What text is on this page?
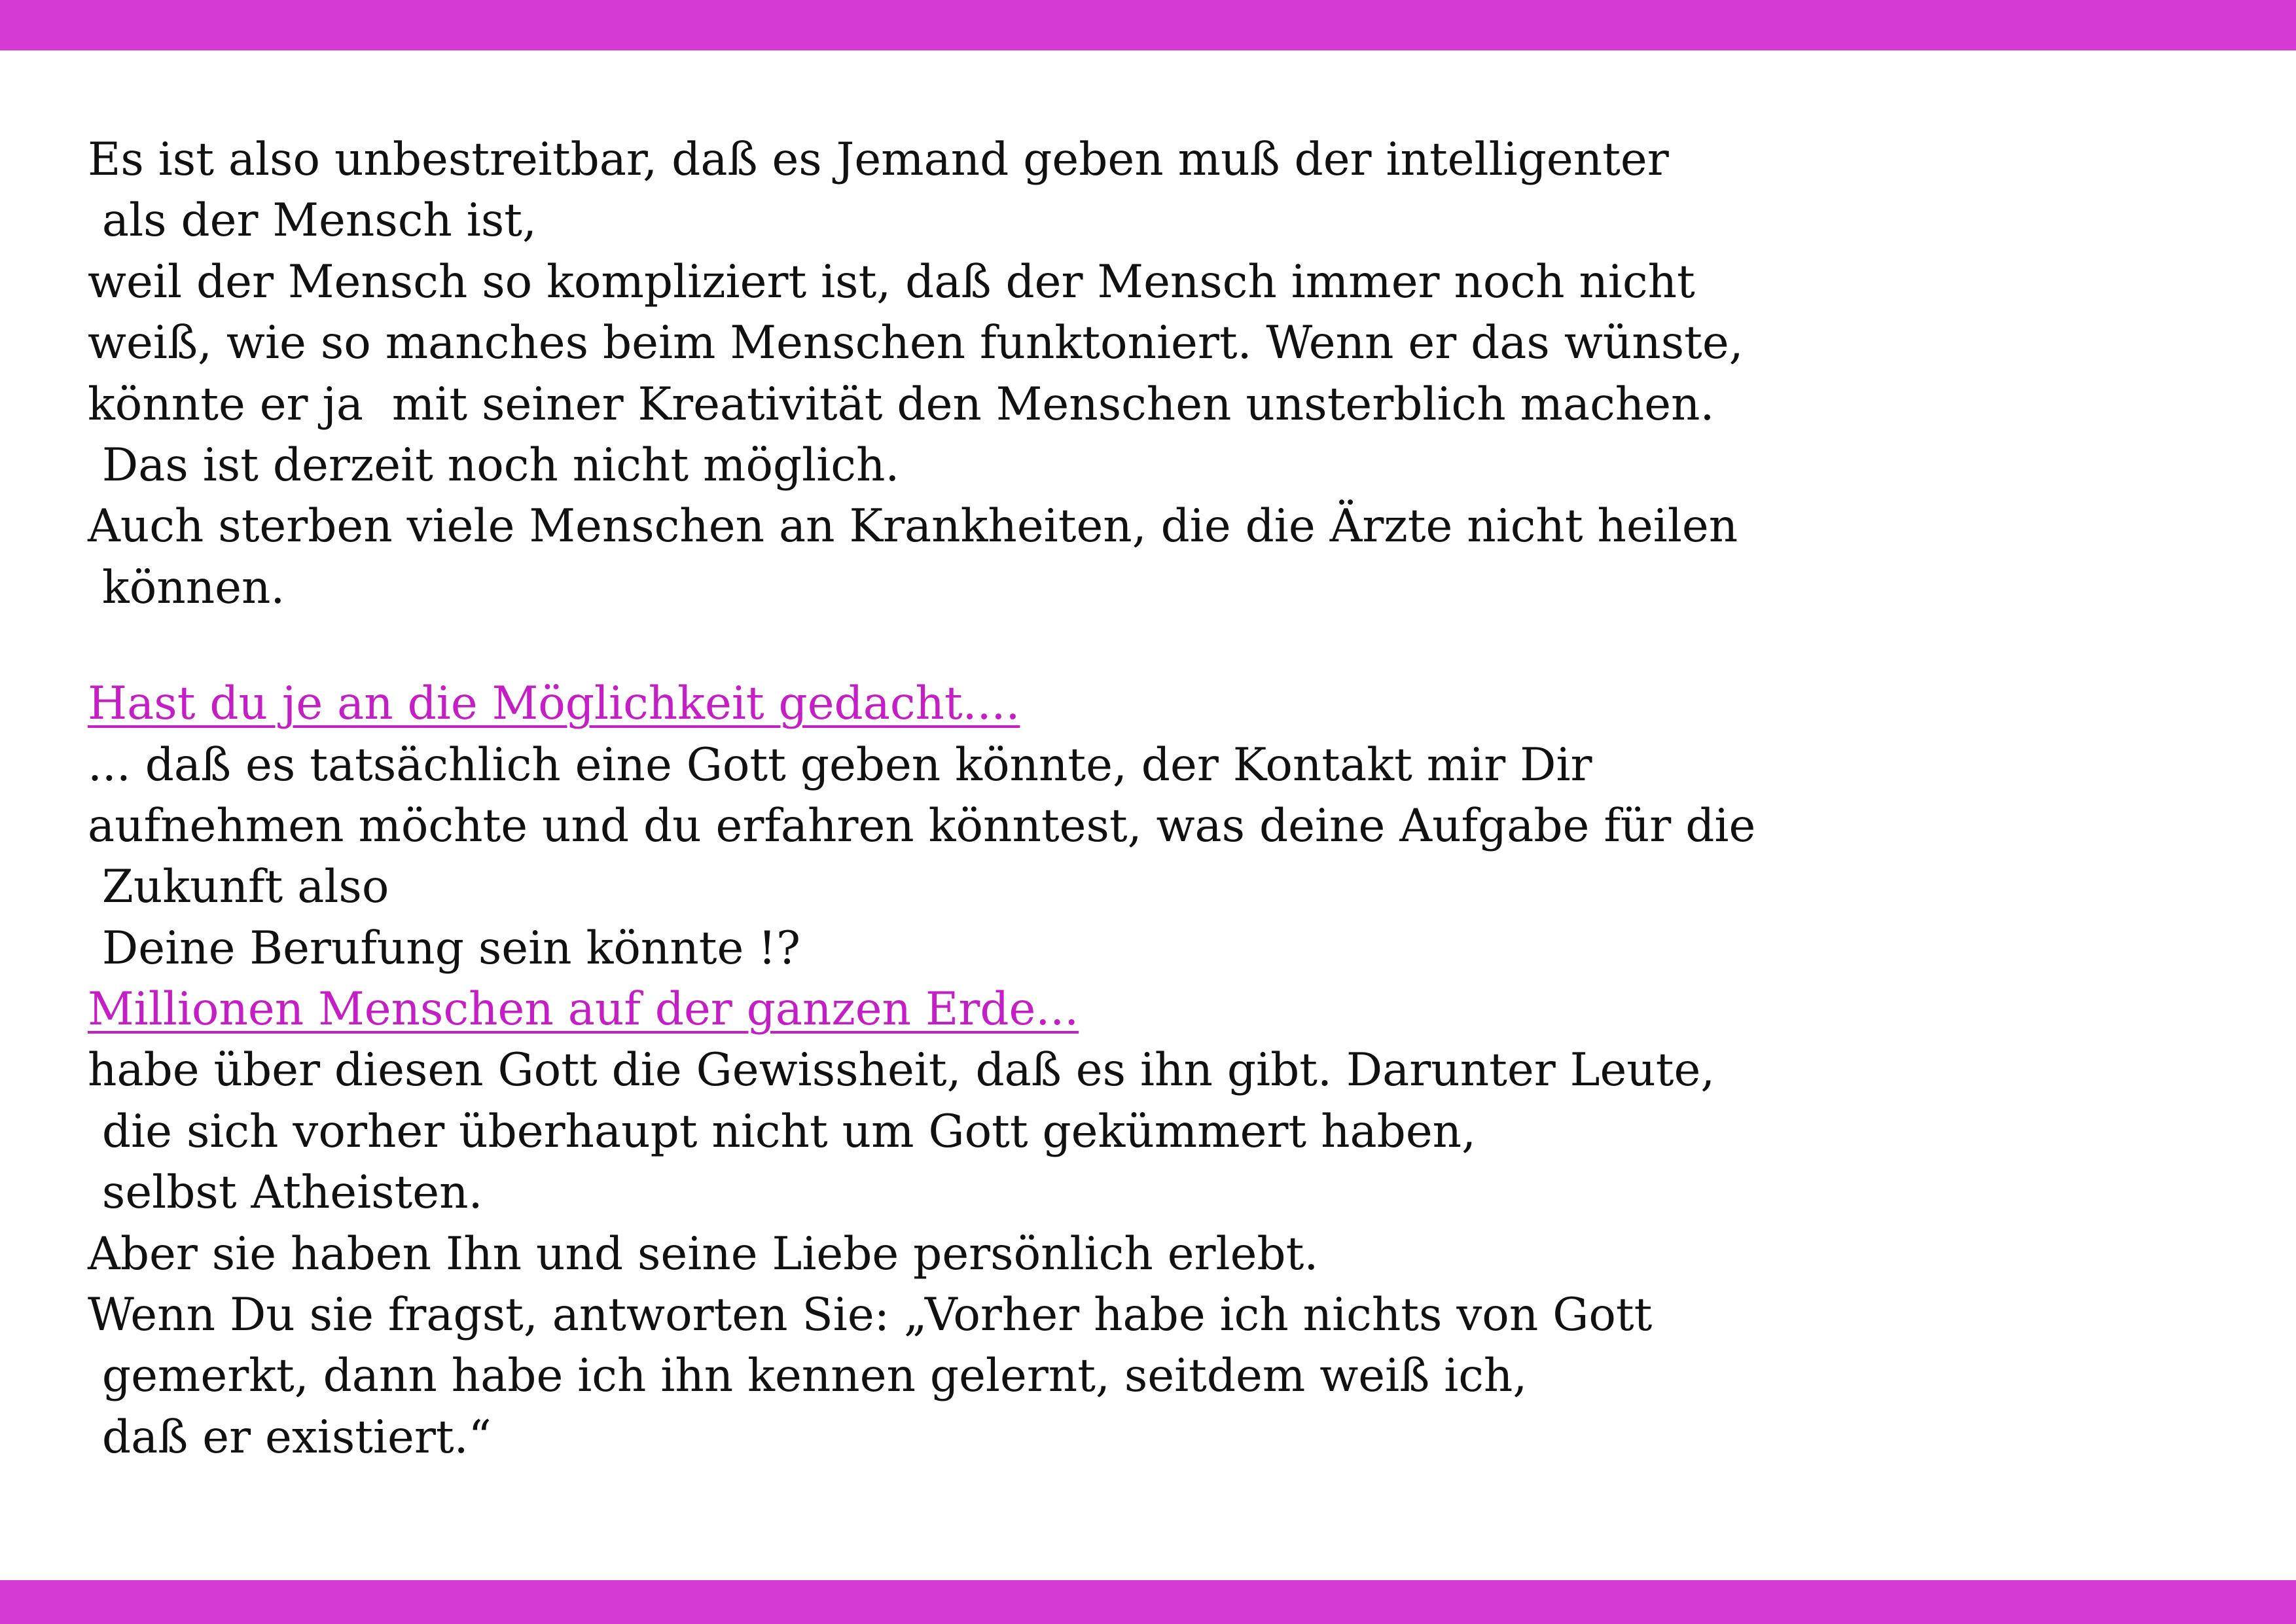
Es ist also unbestreitbar, daß es Jemand geben muß der intelligenter
als der Mensch ist,
weil der Mensch so kompliziert ist, daß der Mensch immer noch nicht
weiß, wie so manches beim Menschen funktoniert. Wenn er das wünste,
könnte er ja  mit seiner Kreativität den Menschen unsterblich machen.
Das ist derzeit noch nicht möglich.
Auch sterben viele Menschen an Krankheiten, die die Ärzte nicht heilen
können.
Hast du je an die Möglichkeit gedacht....
... daß es tatsächlich eine Gott geben könnte, der Kontakt mir Dir
aufnehmen möchte und du erfahren könntest, was deine Aufgabe für die
Zukunft also
Deine Berufung sein könnte !?
Millionen Menschen auf der ganzen Erde...
habe über diesen Gott die Gewissheit, daß es ihn gibt. Darunter Leute,
die sich vorher überhaupt nicht um Gott gekümmert haben,
selbst Atheisten.
Aber sie haben Ihn und seine Liebe persönlich erlebt.
Wenn Du sie fragst, antworten Sie: „Vorher habe ich nichts von Gott
gemerkt, dann habe ich ihn kennen gelernt, seitdem weiß ich,
daß er existiert.“
